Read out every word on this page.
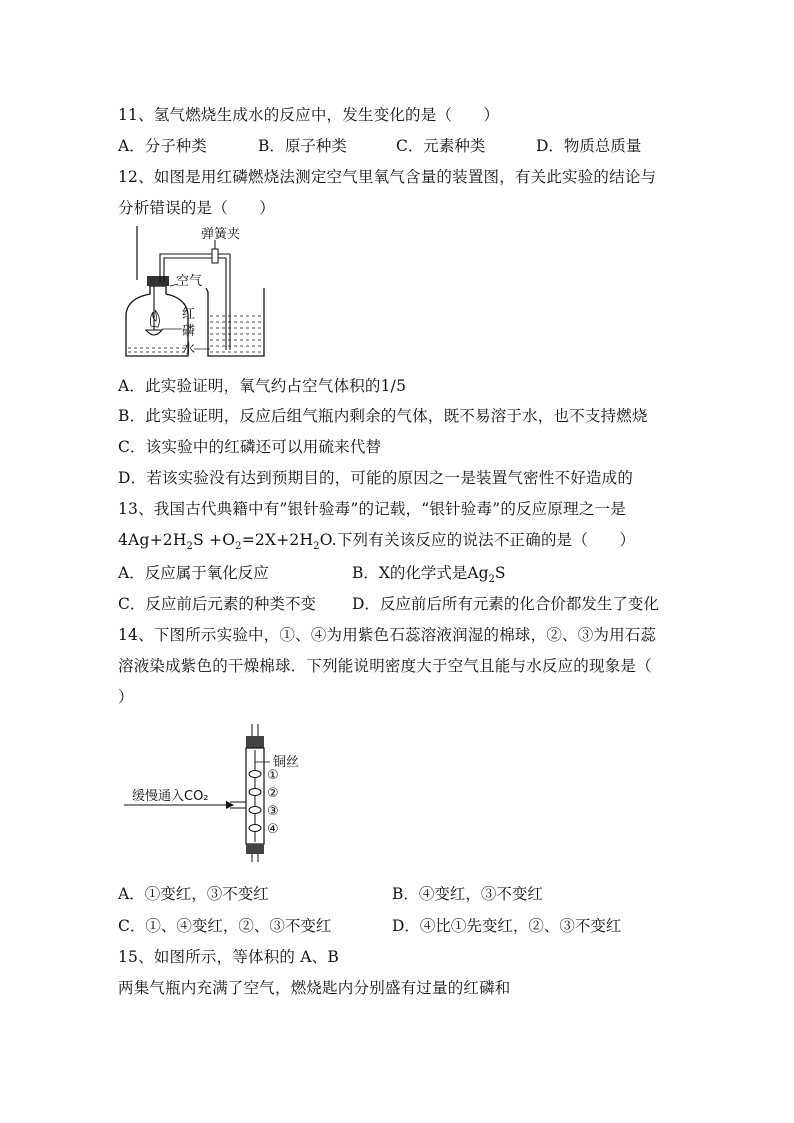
11、氢气燃烧生成水的反应中，发生变化的是（　　）
A．分子种类	B．原子种类	C．元素种类	D．物质总质量
12、如图是用红磷燃烧法测定空气里氧气含量的装置图，有关此实验的结论与
分析错误的是（　　）
弹簧夹
空气
红
磷
水
A．此实验证明，氧气约占空气体积的1/5
B．此实验证明，反应后组气瓶内剩余的气体，既不易溶于水，也不支持燃烧
C．该实验中的红磷还可以用硫来代替
D．若该实验没有达到预期目的，可能的原因之一是装置气密性不好造成的
13、我国古代典籍中有”银针验毒”的记载，“银针验毒”的反应原理之一是
$4Ag+2H_2S +O_2=2X+2H_2O$.下列有关该反应的说法不正确的是（　　）
A．反应属于氧化反应	B．X的化学式是$Ag_2S$
C．反应前后元素的种类不变 D．反应前后所有元素的化合价都发生了变化
14、下图所示实验中，①、④为用紫色石蕊溶液润湿的棉球，②、③为用石蕊
溶液染成紫色的干燥棉球．下列能说明密度大于空气且能与水反应的现象是（
）
缓慢通入CO₂
铜丝
①
②
③
④
A．①变红，③不变红	B．④变红，③不变红
C．①、④变红，②、③不变红	D．④比①先变红，②、③不变红
15、如图所示，等体积的 A、B
两集气瓶内充满了空气，燃烧匙内分别盛有过量的红磷和
